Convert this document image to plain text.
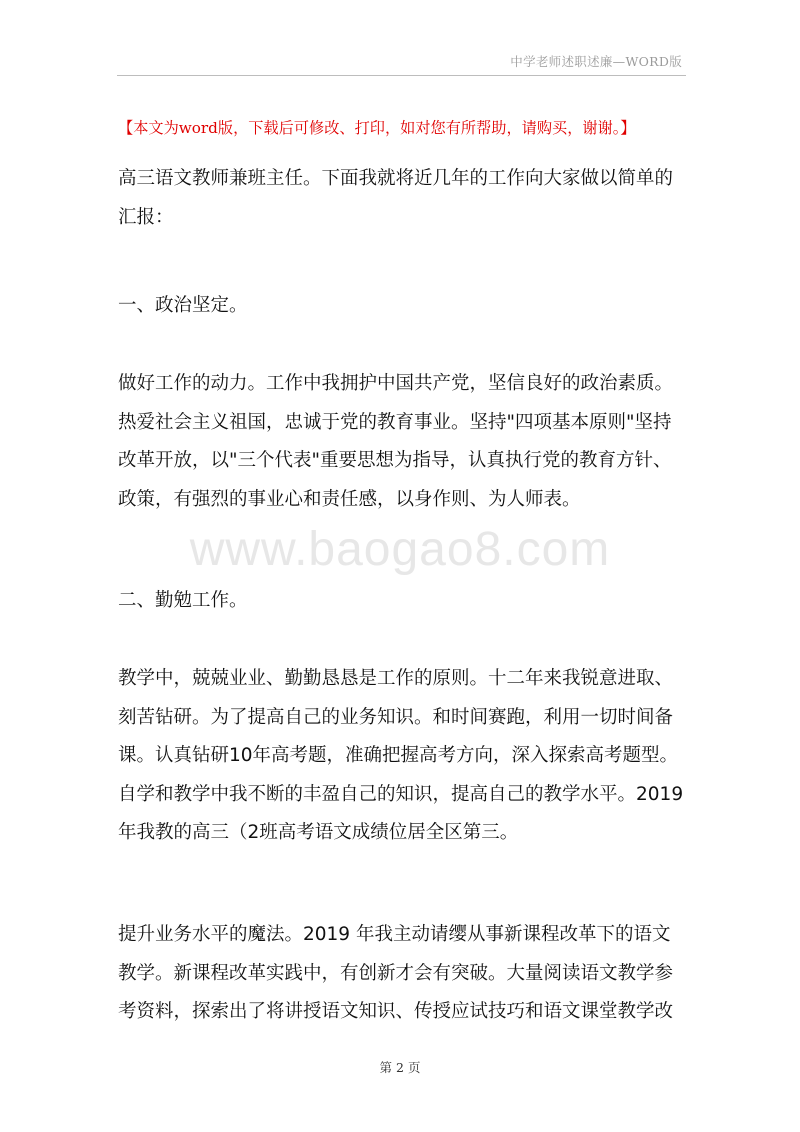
中学老师述职述廉—WORD版
【本文为word版，下载后可修改、打印，如对您有所帮助，请购买，谢谢。】
高三语文教师兼班主任。下面我就将近几年的工作向大家做以简单的
汇报：
一、政治坚定。
做好工作的动力。工作中我拥护中国共产党，坚信良好的政治素质。
热爱社会主义祖国，忠诚于党的教育事业。坚持"四项基本原则"坚持
改革开放，以"三个代表"重要思想为指导，认真执行党的教育方针、
政策，有强烈的事业心和责任感，以身作则、为人师表。
二、勤勉工作。
教学中，兢兢业业、勤勤恳恳是工作的原则。十二年来我锐意进取、
刻苦钻研。为了提高自己的业务知识。和时间赛跑，利用一切时间备
课。认真钻研10年高考题，准确把握高考方向，深入探索高考题型。
自学和教学中我不断的丰盈自己的知识，提高自己的教学水平。2019
年我教的高三（2班高考语文成绩位居全区第三。
提升业务水平的魔法。2019 年我主动请缨从事新课程改革下的语文
教学。新课程改革实践中，有创新才会有突破。大量阅读语文教学参
考资料，探索出了将讲授语文知识、传授应试技巧和语文课堂教学改
www.baogao8.com
第 2 页
